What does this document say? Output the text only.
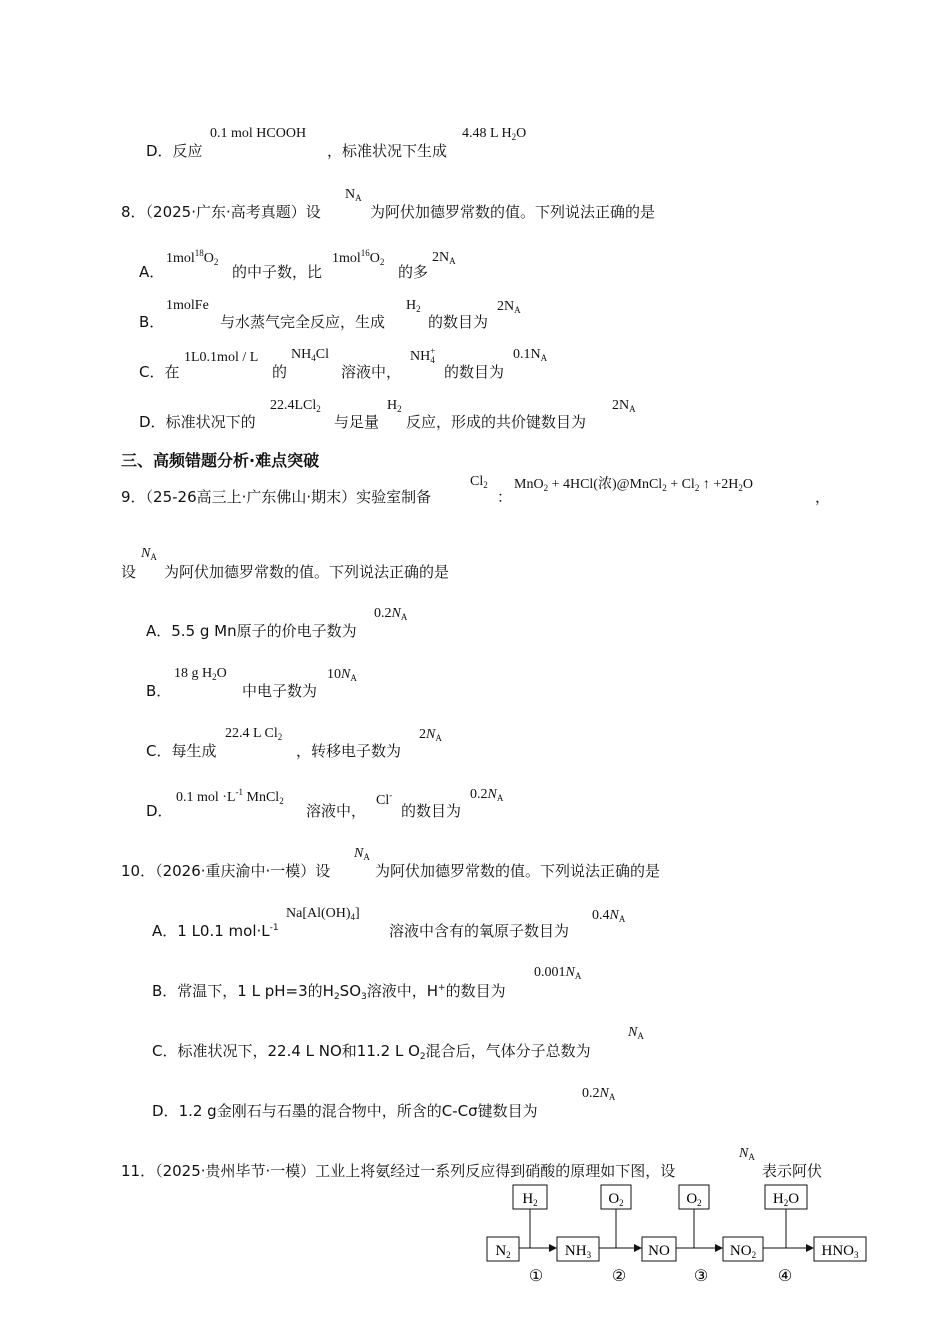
D．反应
0.1 mol HCOOH
，标准状况下生成
4.48 L $H_2O$
8．（2025·广东·高考真题）设
$N_A$
为阿伏加德罗常数的值。下列说法正确的是
A．
$1mol^{18}O_2$
的中子数，比
$1mol^{16}O_2$
的多
$2N_A$
B．
1molFe
与水蒸气完全反应，生成
$H_2$
的数目为
$2N_A$
C．在
1L0.1mol / L
的
$NH_4Cl$
溶液中，
$NH^+_4$
的数目为
$0.1N_A$
D．标准状况下的
22.4LCl$_2$
与足量
$H_2$
反应，形成的共价键数目为
$2N_A$
三、高频错题分析·难点突破
9．（25-26高三上·广东佛山·期末）实验室制备
$Cl_2$
：
MnO$_2$ + 4HCl(浓)@MnCl$_2$ + $Cl_2$ ↑ $+2H_2O$
，
设
$N_A$
为阿伏加德罗常数的值。下列说法正确的是
A．5.5 g Mn原子的价电子数为
$0.2N_A$
B．
18 g $H_2O$
中电子数为
$10N_A$
C．每生成
22.4 L $Cl_2$
，转移电子数为
$2N_A$
D．
0.1 mol $\cdot L^{-1}$ MnCl$_2$
溶液中，
Cl-
的数目为
$0.2N_A$
10．（2026·重庆渝中·一模）设
$N_A$
为阿伏加德罗常数的值。下列说法正确的是
A．1 L0.1 $mol\cdot L^{-1}$
$Na[Al(OH)_4]$
溶液中含有的氧原子数目为
$0.4N_A$
B．常温下，1 L pH=3的$H_2SO_3$溶液中，H+的数目为
$0.001N_A$
C．标准状况下，22.4 L NO和11.2 L $O_2$混合后，气体分子总数为
$N_A$
D．1.2 g金刚石与石墨的混合物中，所含的C-Cσ键数目为
$0.2N_A$
11．（2025·贵州毕节·一模）工业上将氨经过一系列反应得到硝酸的原理如下图，设
$N_A$
表示阿伏
$H_2$	$O_2$	$O_2$	$H_2O$
$N_2$	$NH_3$	NO	$NO_2$	$HNO_3$
①	②	③	④
